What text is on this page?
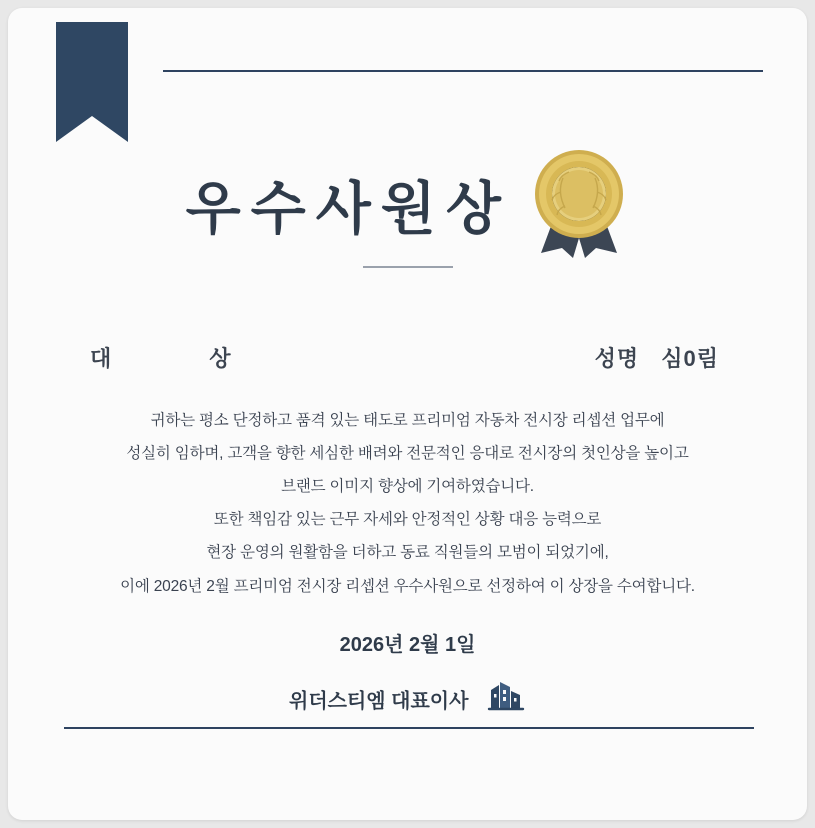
우수사원상
대　　상	성명 심0림

귀하는 평소 단정하고 품격 있는 태도로 프리미엄 자동차 전시장 리셉션 업무에

성실히 임하며, 고객을 향한 세심한 배려와 전문적인 응대로 전시장의 첫인상을 높이고

브랜드 이미지 향상에 기여하였습니다.

또한 책임감 있는 근무 자세와 안정적인 상황 대응 능력으로

현장 운영의 원활함을 더하고 동료 직원들의 모범이 되었기에,

이에 2026년 2월 프리미엄 전시장 리셉션 우수사원으로 선정하여 이 상장을 수여합니다.

2026년 2월 1일
위더스티엠 대표이사
